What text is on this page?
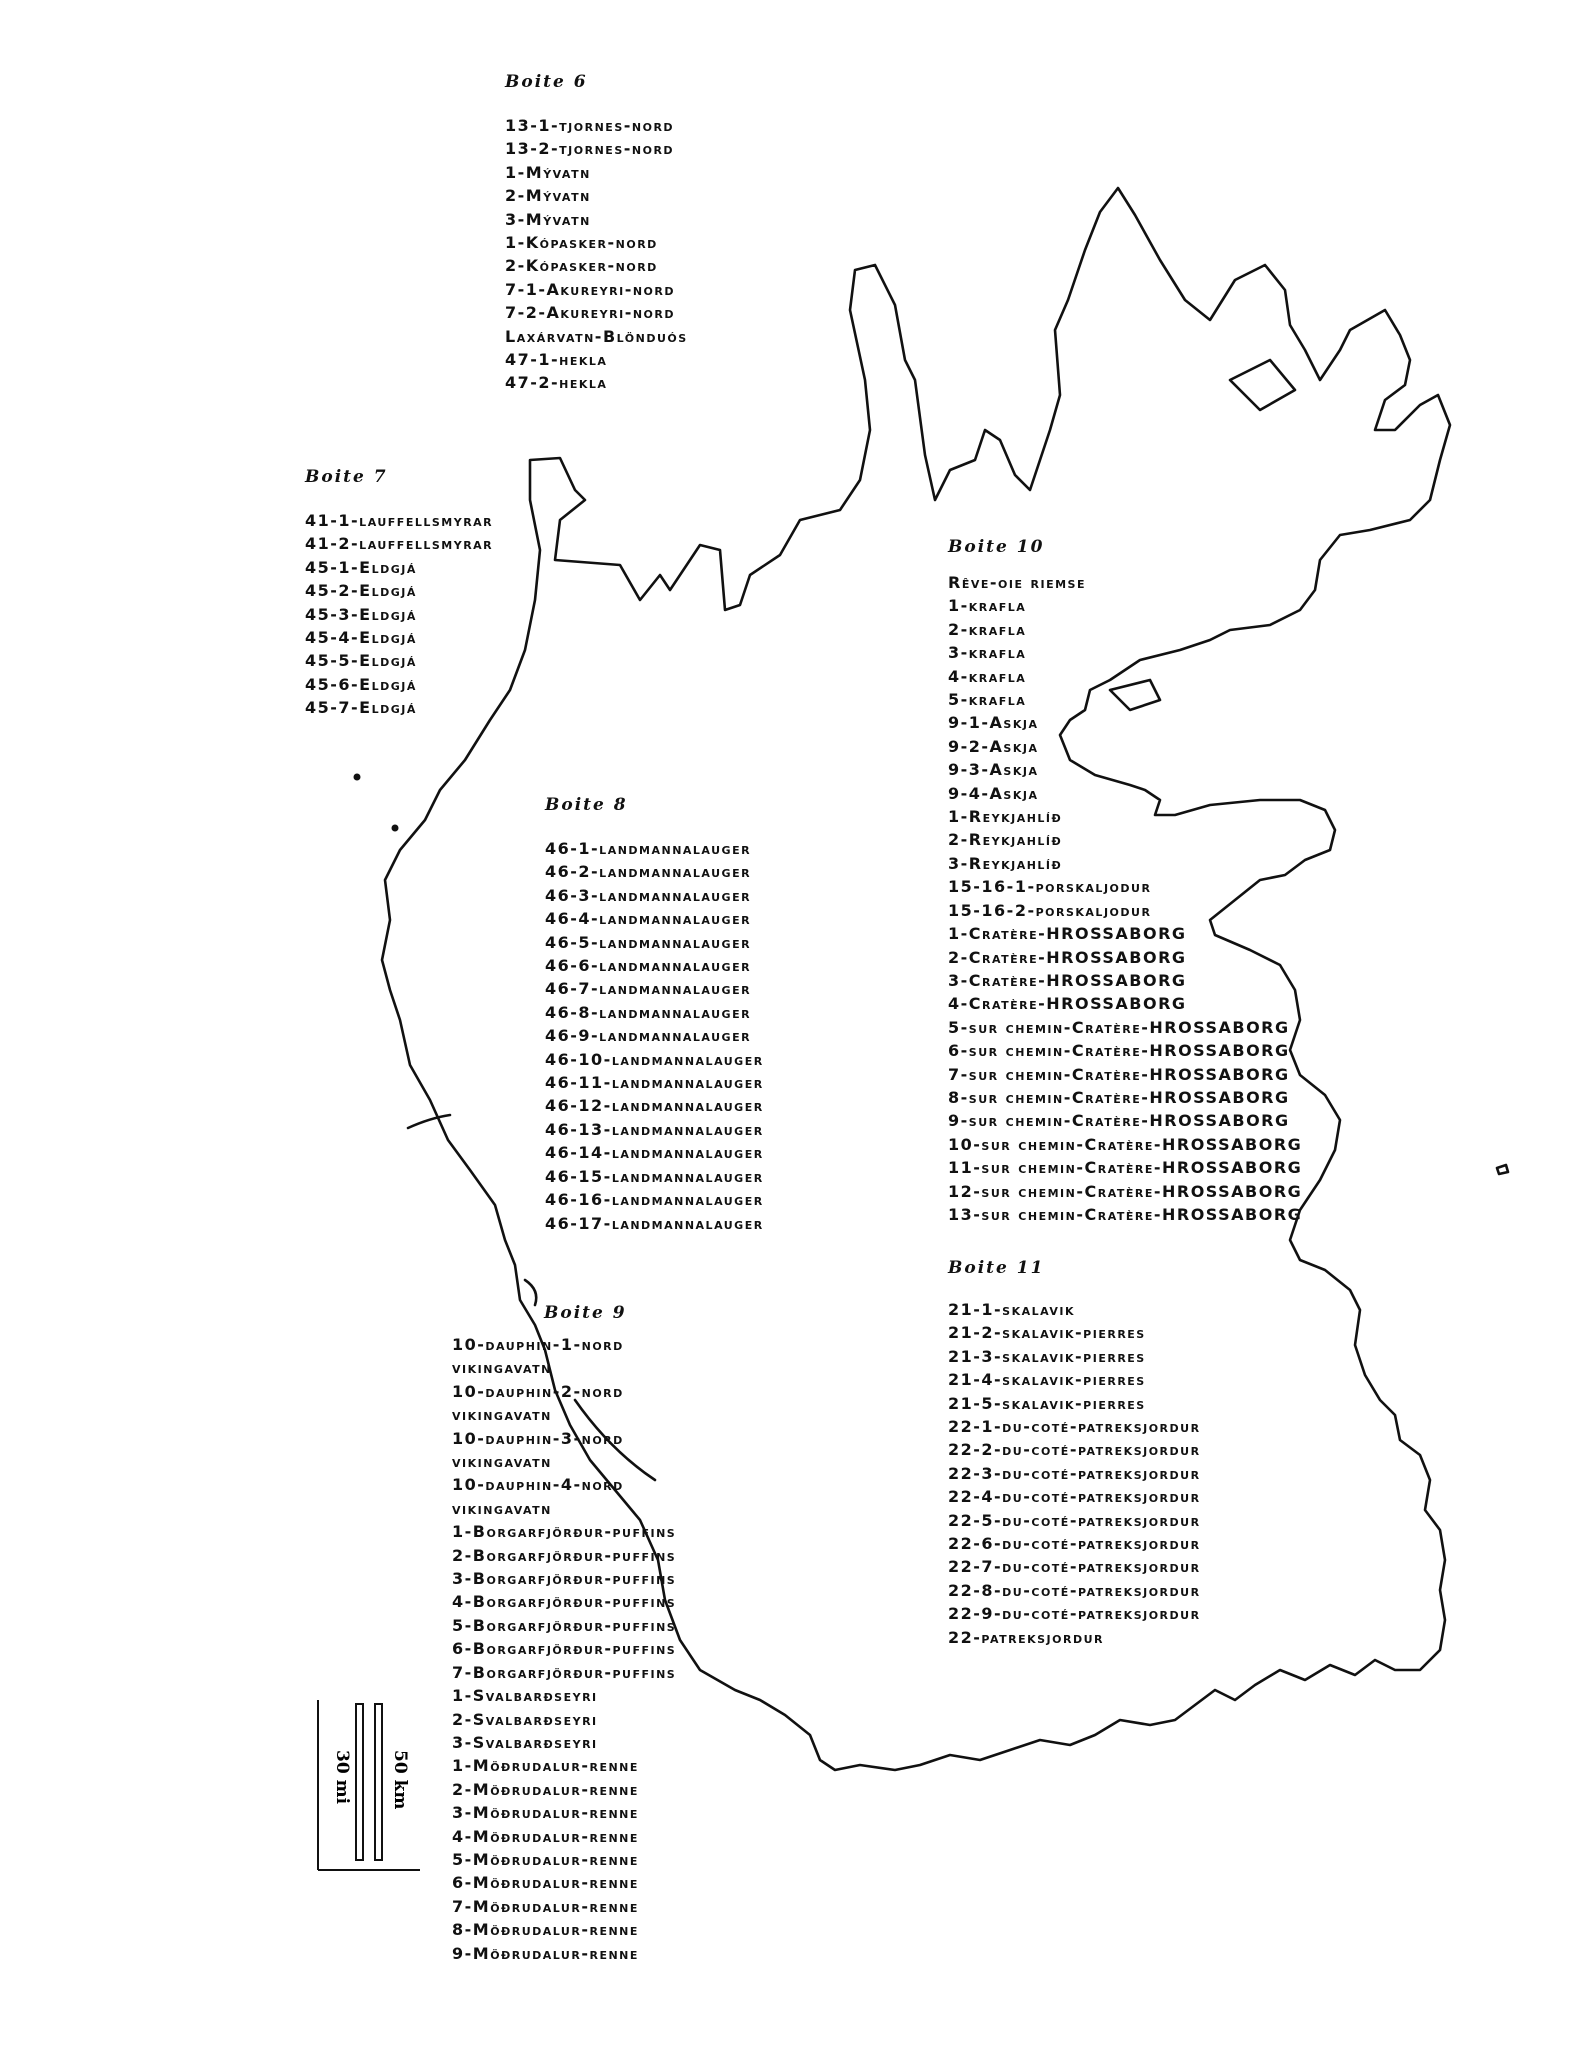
Boite 6
13-1-tjornes-nord
13-2-tjornes-nord
1-Mývatn
2-Mývatn
3-Mývatn
1-Kópasker-nord
2-Kópasker-nord
7-1-Akureyri-nord
7-2-Akureyri-nord
Laxárvatn-Blönduós
47-1-hekla
47-2-hekla
Boite 7
41-1-lauffellsmyrar
41-2-lauffellsmyrar
45-1-Eldgjá
45-2-Eldgjá
45-3-Eldgjá
45-4-Eldgjá
45-5-Eldgjá
45-6-Eldgjá
45-7-Eldgjá
Boite 8
46-1-landmannalauger
46-2-landmannalauger
46-3-landmannalauger
46-4-landmannalauger
46-5-landmannalauger
46-6-landmannalauger
46-7-landmannalauger
46-8-landmannalauger
46-9-landmannalauger
46-10-landmannalauger
46-11-landmannalauger
46-12-landmannalauger
46-13-landmannalauger
46-14-landmannalauger
46-15-landmannalauger
46-16-landmannalauger
46-17-landmannalauger
Boite 9
10-dauphin-1-nord
vikingavatn
10-dauphin-2-nord
vikingavatn
10-dauphin-3-nord
vikingavatn
10-dauphin-4-nord
vikingavatn
1-Borgarfjörður-puffins
2-Borgarfjörður-puffins
3-Borgarfjörður-puffins
4-Borgarfjörður-puffins
5-Borgarfjörður-puffins
6-Borgarfjörður-puffins
7-Borgarfjörður-puffins
1-Svalbarðseyri
2-Svalbarðseyri
3-Svalbarðseyri
1-Möðrudalur-renne
2-Möðrudalur-renne
3-Möðrudalur-renne
4-Möðrudalur-renne
5-Möðrudalur-renne
6-Möðrudalur-renne
7-Möðrudalur-renne
8-Möðrudalur-renne
9-Möðrudalur-renne
Boite 10
Rêve-oie riemse
1-krafla
2-krafla
3-krafla
4-krafla
5-krafla
9-1-Askja
9-2-Askja
9-3-Askja
9-4-Askja
1-Reykjahlíð
2-Reykjahlíð
3-Reykjahlíð
15-16-1-porskaljodur
15-16-2-porskaljodur
1-Cratère-HROSSABORG
2-Cratère-HROSSABORG
3-Cratère-HROSSABORG
4-Cratère-HROSSABORG
5-sur chemin-Cratère-HROSSABORG
6-sur chemin-Cratère-HROSSABORG
7-sur chemin-Cratère-HROSSABORG
8-sur chemin-Cratère-HROSSABORG
9-sur chemin-Cratère-HROSSABORG
10-sur chemin-Cratère-HROSSABORG
11-sur chemin-Cratère-HROSSABORG
12-sur chemin-Cratère-HROSSABORG
13-sur chemin-Cratère-HROSSABORG
Boite 11
21-1-skalavik
21-2-skalavik-pierres
21-3-skalavik-pierres
21-4-skalavik-pierres
21-5-skalavik-pierres
22-1-du-coté-patreksjordur
22-2-du-coté-patreksjordur
22-3-du-coté-patreksjordur
22-4-du-coté-patreksjordur
22-5-du-coté-patreksjordur
22-6-du-coté-patreksjordur
22-7-du-coté-patreksjordur
22-8-du-coté-patreksjordur
22-9-du-coté-patreksjordur
22-patreksjordur
50 km
30 mi
